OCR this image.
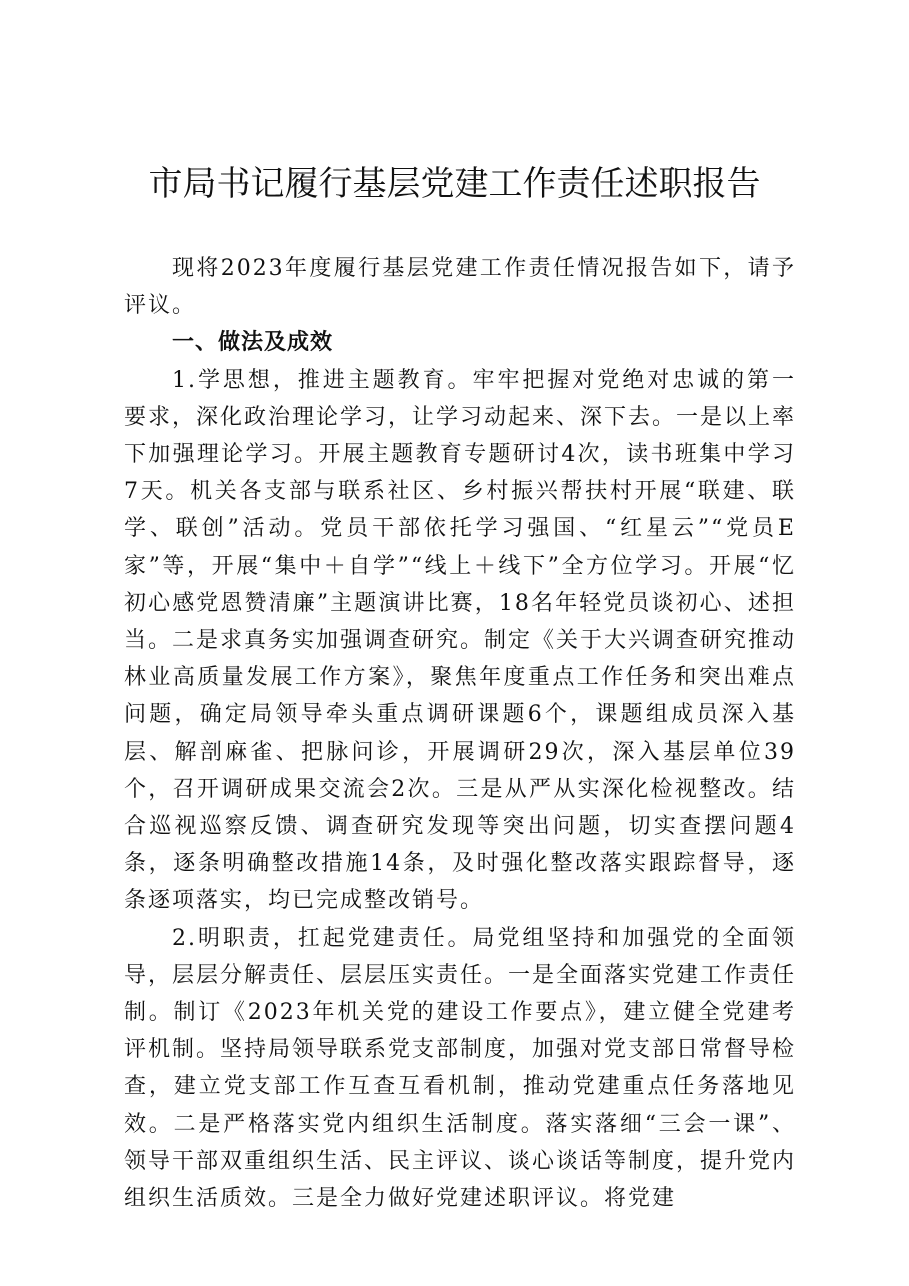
市局书记履行基层党建工作责任述职报告

现将2023年度履行基层党建工作责任情况报告如下，请予评议。

一、做法及成效

1.学思想，推进主题教育。牢牢把握对党绝对忠诚的第一要求，深化政治理论学习，让学习动起来、深下去。一是以上率下加强理论学习。开展主题教育专题研讨4次，读书班集中学习7天。机关各支部与联系社区、乡村振兴帮扶村开展“联建、联学、联创”活动。党员干部依托学习强国、“红星云”“党员E家”等，开展“集中＋自学”“线上＋线下”全方位学习。开展“忆初心感党恩赞清廉”主题演讲比赛，18名年轻党员谈初心、述担当。二是求真务实加强调查研究。制定《关于大兴调查研究推动林业高质量发展工作方案》，聚焦年度重点工作任务和突出难点问题，确定局领导牵头重点调研课题6个，课题组成员深入基层、解剖麻雀、把脉问诊，开展调研29次，深入基层单位39个，召开调研成果交流会2次。三是从严从实深化检视整改。结合巡视巡察反馈、调查研究发现等突出问题，切实查摆问题4条，逐条明确整改措施14条，及时强化整改落实跟踪督导，逐条逐项落实，均已完成整改销号。

2.明职责，扛起党建责任。局党组坚持和加强党的全面领导，层层分解责任、层层压实责任。一是全面落实党建工作责任制。制订《2023年机关党的建设工作要点》，建立健全党建考评机制。坚持局领导联系党支部制度，加强对党支部日常督导检查，建立党支部工作互查互看机制，推动党建重点任务落地见效。二是严格落实党内组织生活制度。落实落细“三会一课”、领导干部双重组织生活、民主评议、谈心谈话等制度，提升党内组织生活质效。三是全力做好党建述职评议。将党建
